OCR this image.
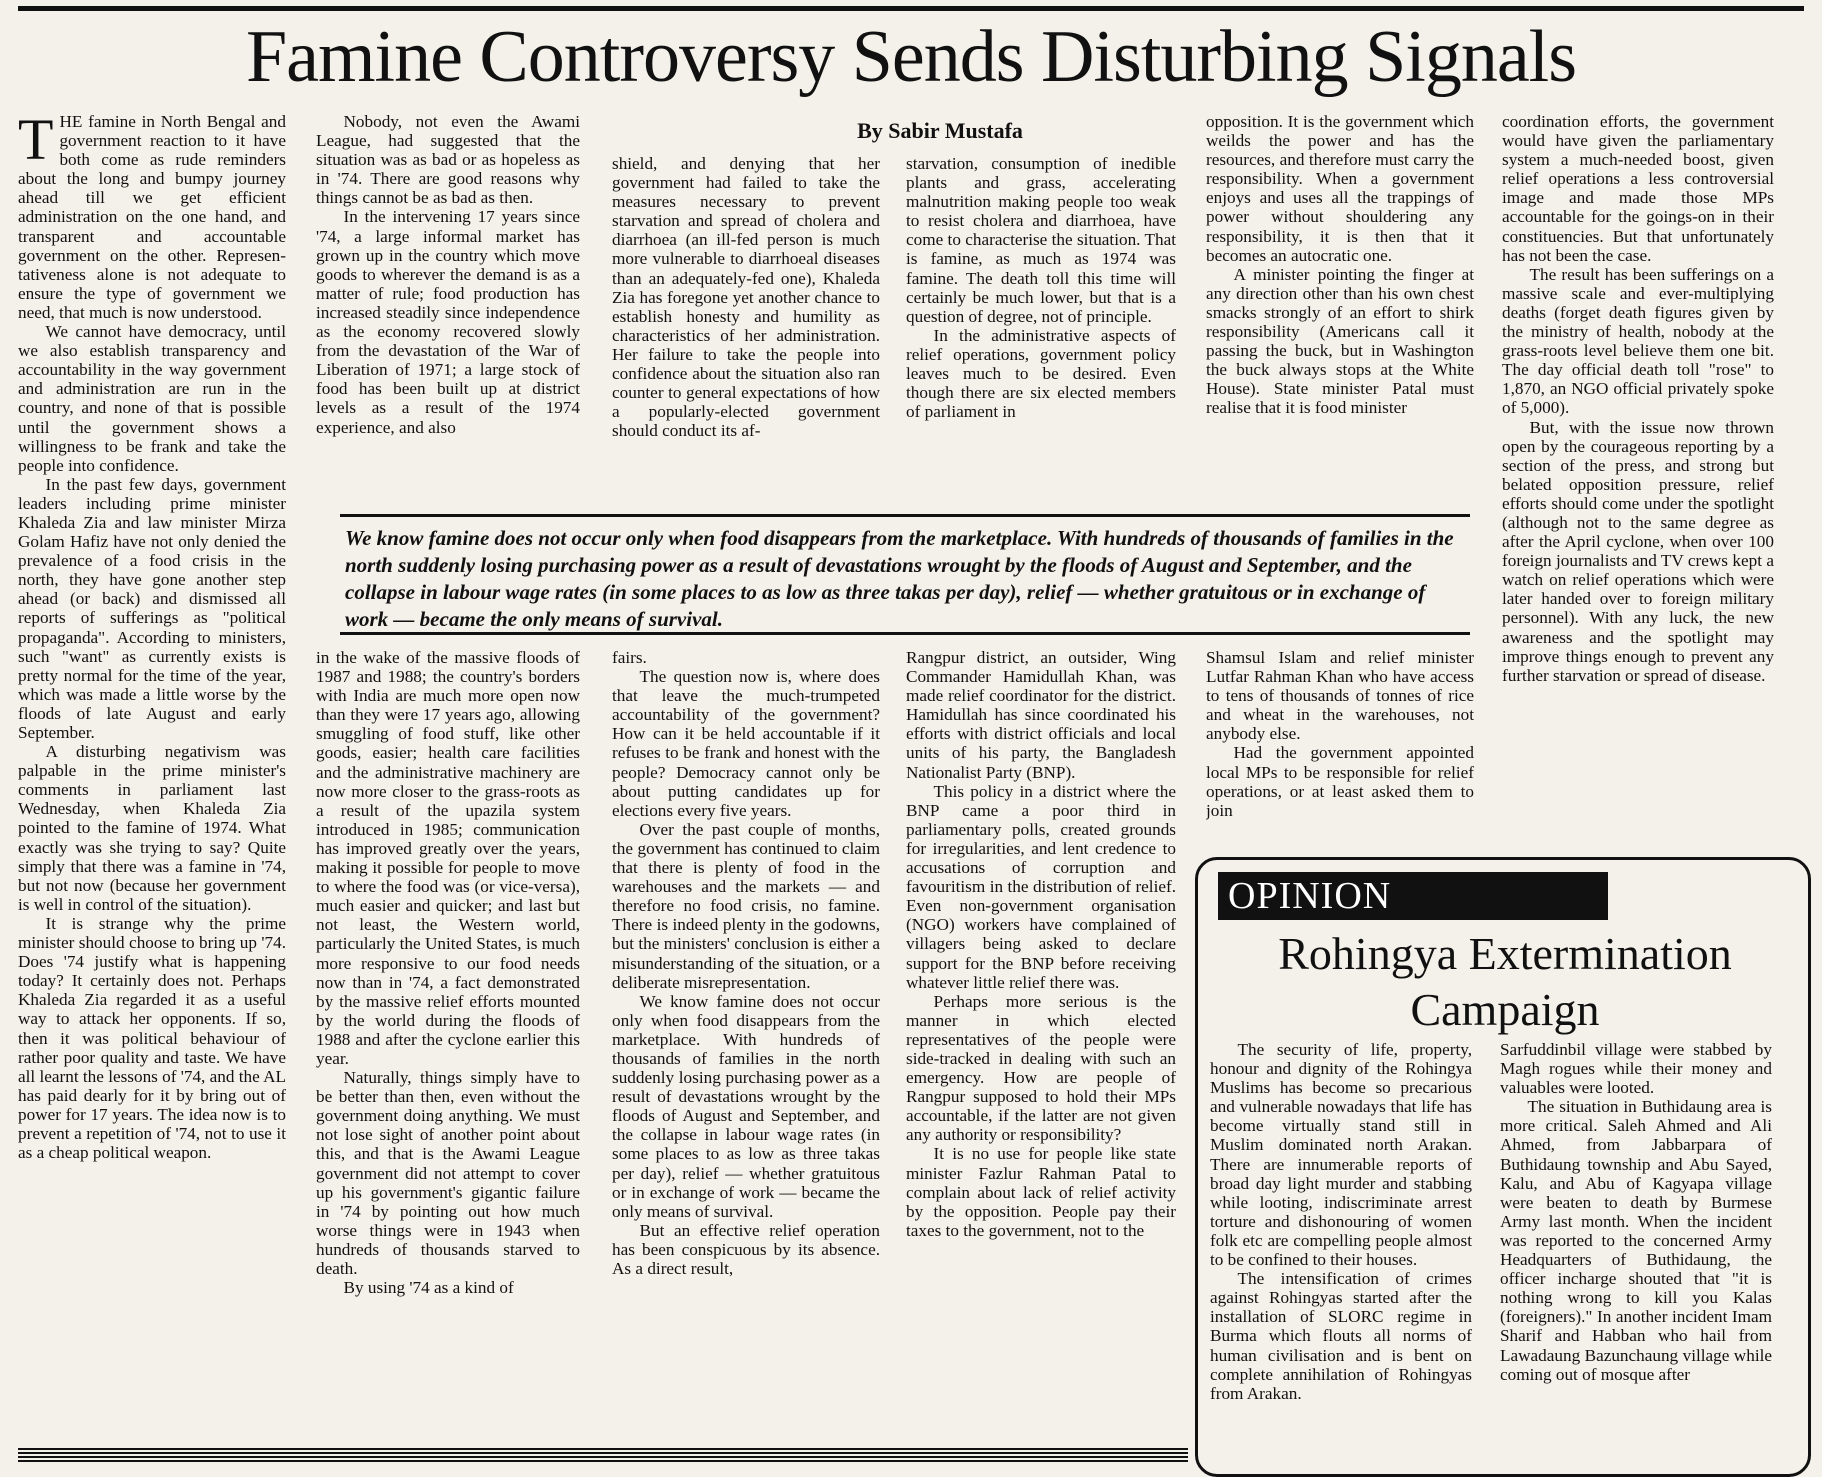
Famine Controversy Sends Disturbing Signals

THE famine in North Bengal and government reaction to it have both come as rude reminders about the long and bumpy journey ahead till we get efficient administration on the one hand, and transparent and accountable government on the other. Represen-tativeness alone is not adequate to ensure the type of government we need, that much is now understood.

We cannot have democracy, until we also establish transparency and accountability in the way government and administration are run in the country, and none of that is possible until the government shows a willingness to be frank and take the people into confidence.

In the past few days, government leaders including prime minister Khaleda Zia and law minister Mirza Golam Hafiz have not only denied the prevalence of a food crisis in the north, they have gone another step ahead (or back) and dismissed all reports of sufferings as "political propaganda". According to ministers, such "want" as currently exists is pretty normal for the time of the year, which was made a little worse by the floods of late August and early September.

A disturbing negativism was palpable in the prime minister's comments in parliament last Wednesday, when Khaleda Zia pointed to the famine of 1974. What exactly was she trying to say? Quite simply that there was a famine in '74, but not now (because her government is well in control of the situation).

It is strange why the prime minister should choose to bring up '74. Does '74 justify what is happening today? It certainly does not. Perhaps Khaleda Zia regarded it as a useful way to attack her opponents. If so, then it was political behaviour of rather poor quality and taste. We have all learnt the lessons of '74, and the AL has paid dearly for it by bring out of power for 17 years. The idea now is to prevent a repetition of '74, not to use it as a cheap political weapon.

Nobody, not even the Awami League, had suggested that the situation was as bad or as hopeless as in '74. There are good reasons why things cannot be as bad as then.

In the intervening 17 years since '74, a large informal market has grown up in the country which move goods to wherever the demand is as a matter of rule; food production has increased steadily since independence as the economy recovered slowly from the devastation of the War of Liberation of 1971; a large stock of food has been built up at district levels as a result of the 1974 experience, and also

By Sabir Mustafa

shield, and denying that her government had failed to take the measures necessary to prevent starvation and spread of cholera and diarrhoea (an ill-fed person is much more vulnerable to diarrhoeal diseases than an adequately-fed one), Khaleda Zia has foregone yet another chance to establish honesty and humility as characteristics of her administration. Her failure to take the people into confidence about the situation also ran counter to general expectations of how a popularly-elected government should conduct its af-

starvation, consumption of inedible plants and grass, accelerating malnutrition making people too weak to resist cholera and diarrhoea, have come to characterise the situation. That is famine, as much as 1974 was famine. The death toll this time will certainly be much lower, but that is a question of degree, not of principle.

In the administrative aspects of relief operations, government policy leaves much to be desired. Even though there are six elected members of parliament in

opposition. It is the government which weilds the power and has the resources, and therefore must carry the responsibility. When a government enjoys and uses all the trappings of power without shouldering any responsibility, it is then that it becomes an autocratic one.

A minister pointing the finger at any direction other than his own chest smacks strongly of an effort to shirk responsibility (Americans call it passing the buck, but in Washington the buck always stops at the White House). State minister Patal must realise that it is food minister

We know famine does not occur only when food disappears from the marketplace. With hundreds of thousands of families in the north suddenly losing purchasing power as a result of devastations wrought by the floods of August and September, and the collapse in labour wage rates (in some places to as low as three takas per day), relief — whether gratuitous or in exchange of work — became the only means of survival.

in the wake of the massive floods of 1987 and 1988; the country's borders with India are much more open now than they were 17 years ago, allowing smuggling of food stuff, like other goods, easier; health care facilities and the administrative machinery are now more closer to the grass-roots as a result of the upazila system introduced in 1985; communication has improved greatly over the years, making it possible for people to move to where the food was (or vice-versa), much easier and quicker; and last but not least, the Western world, particularly the United States, is much more responsive to our food needs now than in '74, a fact demonstrated by the massive relief efforts mounted by the world during the floods of 1988 and after the cyclone earlier this year.

Naturally, things simply have to be better than then, even without the government doing anything. We must not lose sight of another point about this, and that is the Awami League government did not attempt to cover up his government's gigantic failure in '74 by pointing out how much worse things were in 1943 when hundreds of thousands starved to death.

By using '74 as a kind of

fairs.

The question now is, where does that leave the much-trumpeted accountability of the government? How can it be held accountable if it refuses to be frank and honest with the people? Democracy cannot only be about putting candidates up for elections every five years.

Over the past couple of months, the government has continued to claim that there is plenty of food in the warehouses and the markets — and therefore no food crisis, no famine. There is indeed plenty in the godowns, but the ministers' conclusion is either a misunderstanding of the situation, or a deliberate misrepresentation.

We know famine does not occur only when food disappears from the marketplace. With hundreds of thousands of families in the north suddenly losing purchasing power as a result of devastations wrought by the floods of August and September, and the collapse in labour wage rates (in some places to as low as three takas per day), relief — whether gratuitous or in exchange of work — became the only means of survival.

But an effective relief operation has been conspicuous by its absence. As a direct result,

Rangpur district, an outsider, Wing Commander Hamidullah Khan, was made relief coordinator for the district. Hamidullah has since coordinated his efforts with district officials and local units of his party, the Bangladesh Nationalist Party (BNP).

This policy in a district where the BNP came a poor third in parliamentary polls, created grounds for irregularities, and lent credence to accusations of corruption and favouritism in the distribution of relief. Even non-government organisation (NGO) workers have complained of villagers being asked to declare support for the BNP before receiving whatever little relief there was.

Perhaps more serious is the manner in which elected representatives of the people were side-tracked in dealing with such an emergency. How are people of Rangpur supposed to hold their MPs accountable, if the latter are not given any authority or responsibility?

It is no use for people like state minister Fazlur Rahman Patal to complain about lack of relief activity by the opposition. People pay their taxes to the government, not to the

Shamsul Islam and relief minister Lutfar Rahman Khan who have access to tens of thousands of tonnes of rice and wheat in the warehouses, not anybody else.

Had the government appointed local MPs to be responsible for relief operations, or at least asked them to join

coordination efforts, the government would have given the parliamentary system a much-needed boost, given relief operations a less controversial image and made those MPs accountable for the goings-on in their constituencies. But that unfortunately has not been the case.

The result has been sufferings on a massive scale and ever-multiplying deaths (forget death figures given by the ministry of health, nobody at the grass-roots level believe them one bit. The day official death toll "rose" to 1,870, an NGO official privately spoke of 5,000).

But, with the issue now thrown open by the courageous reporting by a section of the press, and strong but belated opposition pressure, relief efforts should come under the spotlight (although not to the same degree as after the April cyclone, when over 100 foreign journalists and TV crews kept a watch on relief operations which were later handed over to foreign military personnel). With any luck, the new awareness and the spotlight may improve things enough to prevent any further starvation or spread of disease.

OPINION
Rohingya Extermination
Campaign

The security of life, property, honour and dignity of the Rohingya Muslims has become so precarious and vulnerable nowadays that life has become virtually stand still in Muslim dominated north Arakan. There are innumerable reports of broad day light murder and stabbing while looting, indiscriminate arrest torture and dishonouring of women folk etc are compelling people almost to be confined to their houses.

The intensification of crimes against Rohingyas started after the installation of SLORC regime in Burma which flouts all norms of human civilisation and is bent on complete annihilation of Rohingyas from Arakan.

Sarfuddinbil village were stabbed by Magh rogues while their money and valuables were looted.

The situation in Buthidaung area is more critical. Saleh Ahmed and Ali Ahmed, from Jabbarpara of Buthidaung township and Abu Sayed, Kalu, and Abu of Kagyapa village were beaten to death by Burmese Army last month. When the incident was reported to the concerned Army Headquarters of Buthidaung, the officer incharge shouted that "it is nothing wrong to kill you Kalas (foreigners)." In another incident Imam Sharif and Habban who hail from Lawadaung Bazunchaung village while coming out of mosque after
